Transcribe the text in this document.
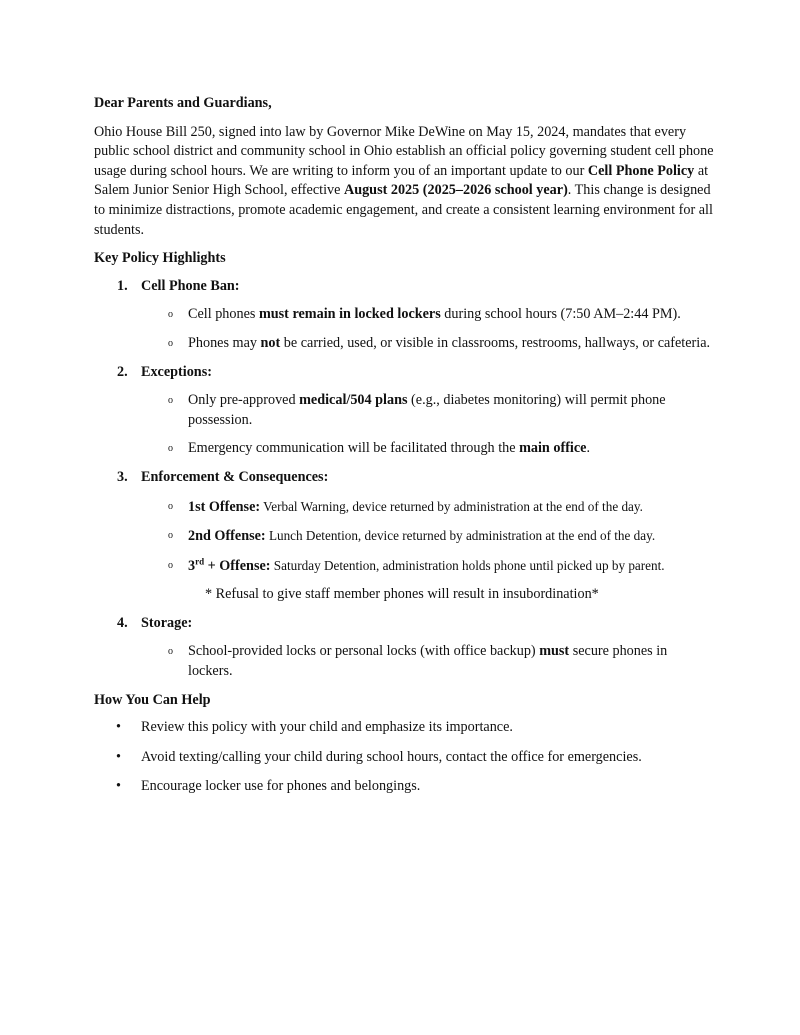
Dear Parents and Guardians,

Ohio House Bill 250, signed into law by Governor Mike DeWine on May 15, 2024, mandates that every public school district and community school in Ohio establish an official policy governing student cell phone usage during school hours. We are writing to inform you of an important update to our Cell Phone Policy at Salem Junior Senior High School, effective August 2025 (2025–2026 school year). This change is designed to minimize distractions, promote academic engagement, and create a consistent learning environment for all students.

Key Policy Highlights

1. Cell Phone Ban:
o Cell phones must remain in locked lockers during school hours (7:50 AM–2:44 PM).
o Phones may not be carried, used, or visible in classrooms, restrooms, hallways, or cafeteria.
2. Exceptions:
o Only pre-approved medical/504 plans (e.g., diabetes monitoring) will permit phone possession.
o Emergency communication will be facilitated through the main office.
3. Enforcement & Consequences:
o 1st Offense: Verbal Warning, device returned by administration at the end of the day.
o 2nd Offense: Lunch Detention, device returned by administration at the end of the day.
o 3rd + Offense: Saturday Detention, administration holds phone until picked up by parent.

* Refusal to give staff member phones will result in insubordination*

4. Storage:
o School-provided locks or personal locks (with office backup) must secure phones in lockers.

How You Can Help

• Review this policy with your child and emphasize its importance.
• Avoid texting/calling your child during school hours, contact the office for emergencies.
• Encourage locker use for phones and belongings.
